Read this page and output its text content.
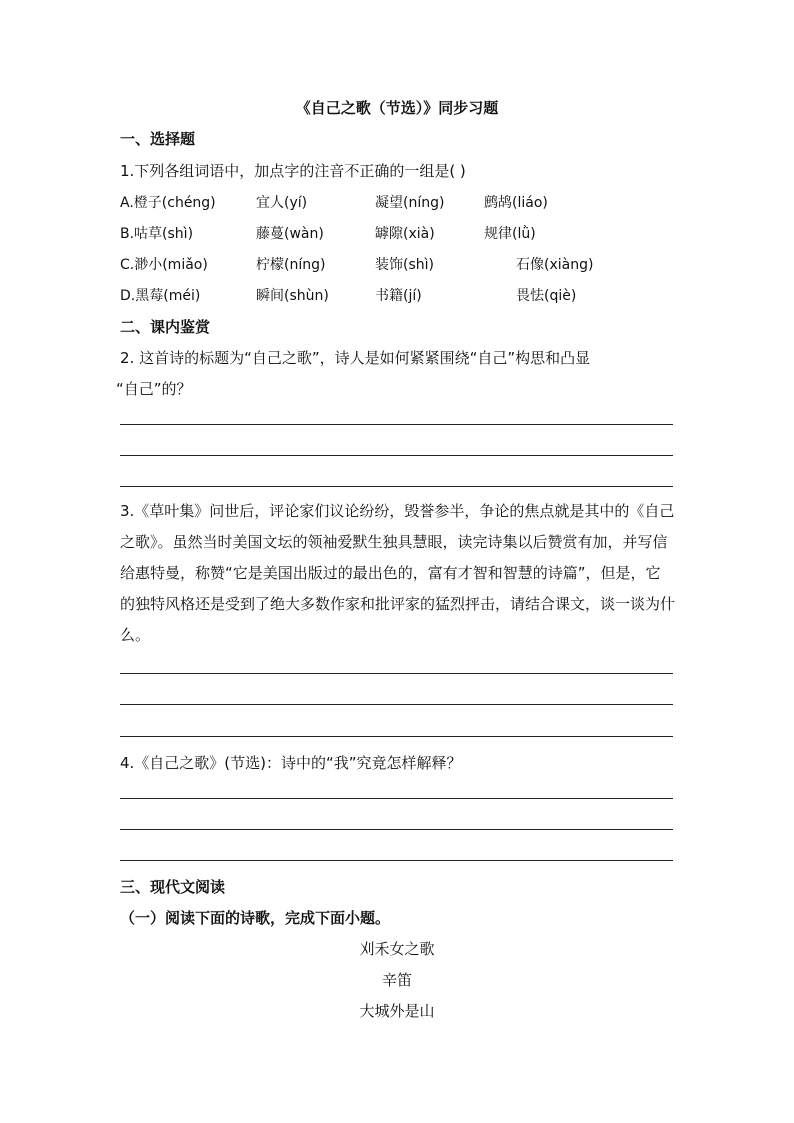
《自己之歌（节选）》同步习题
一、选择题
1.下列各组词语中，加点字的注音不正确的一组是( )
A.橙子(chéng)	宜人(yí)	凝望(níng)	鹧鸪(liáo)
B.咕草(shì)	藤蔓(wàn)	罅隙(xià)	规律(lǜ)
C.渺小(miǎo)	柠檬(níng)	装饰(shì)	石像(xiàng)
D.黑莓(méi)	瞬间(shùn)	书籍(jí)	畏怯(qiè)
二、课内鉴赏
2. 这首诗的标题为“自己之歌”，诗人是如何紧紧围绕“自己”构思和凸显
“自己”的？
3.《草叶集》问世后，评论家们议论纷纷，毁誉参半，争论的焦点就是其中的《自己之歌》。虽然当时美国文坛的领袖爱默生独具慧眼，读完诗集以后赞赏有加，并写信给惠特曼，称赞“它是美国出版过的最出色的，富有才智和智慧的诗篇”，但是，它的独特风格还是受到了绝大多数作家和批评家的猛烈抨击，请结合课文，谈一谈为什么。
4.《自己之歌》(节选)：诗中的“我”究竟怎样解释？
三、现代文阅读
（一）阅读下面的诗歌，完成下面小题。
刈禾女之歌
辛笛
大城外是山
